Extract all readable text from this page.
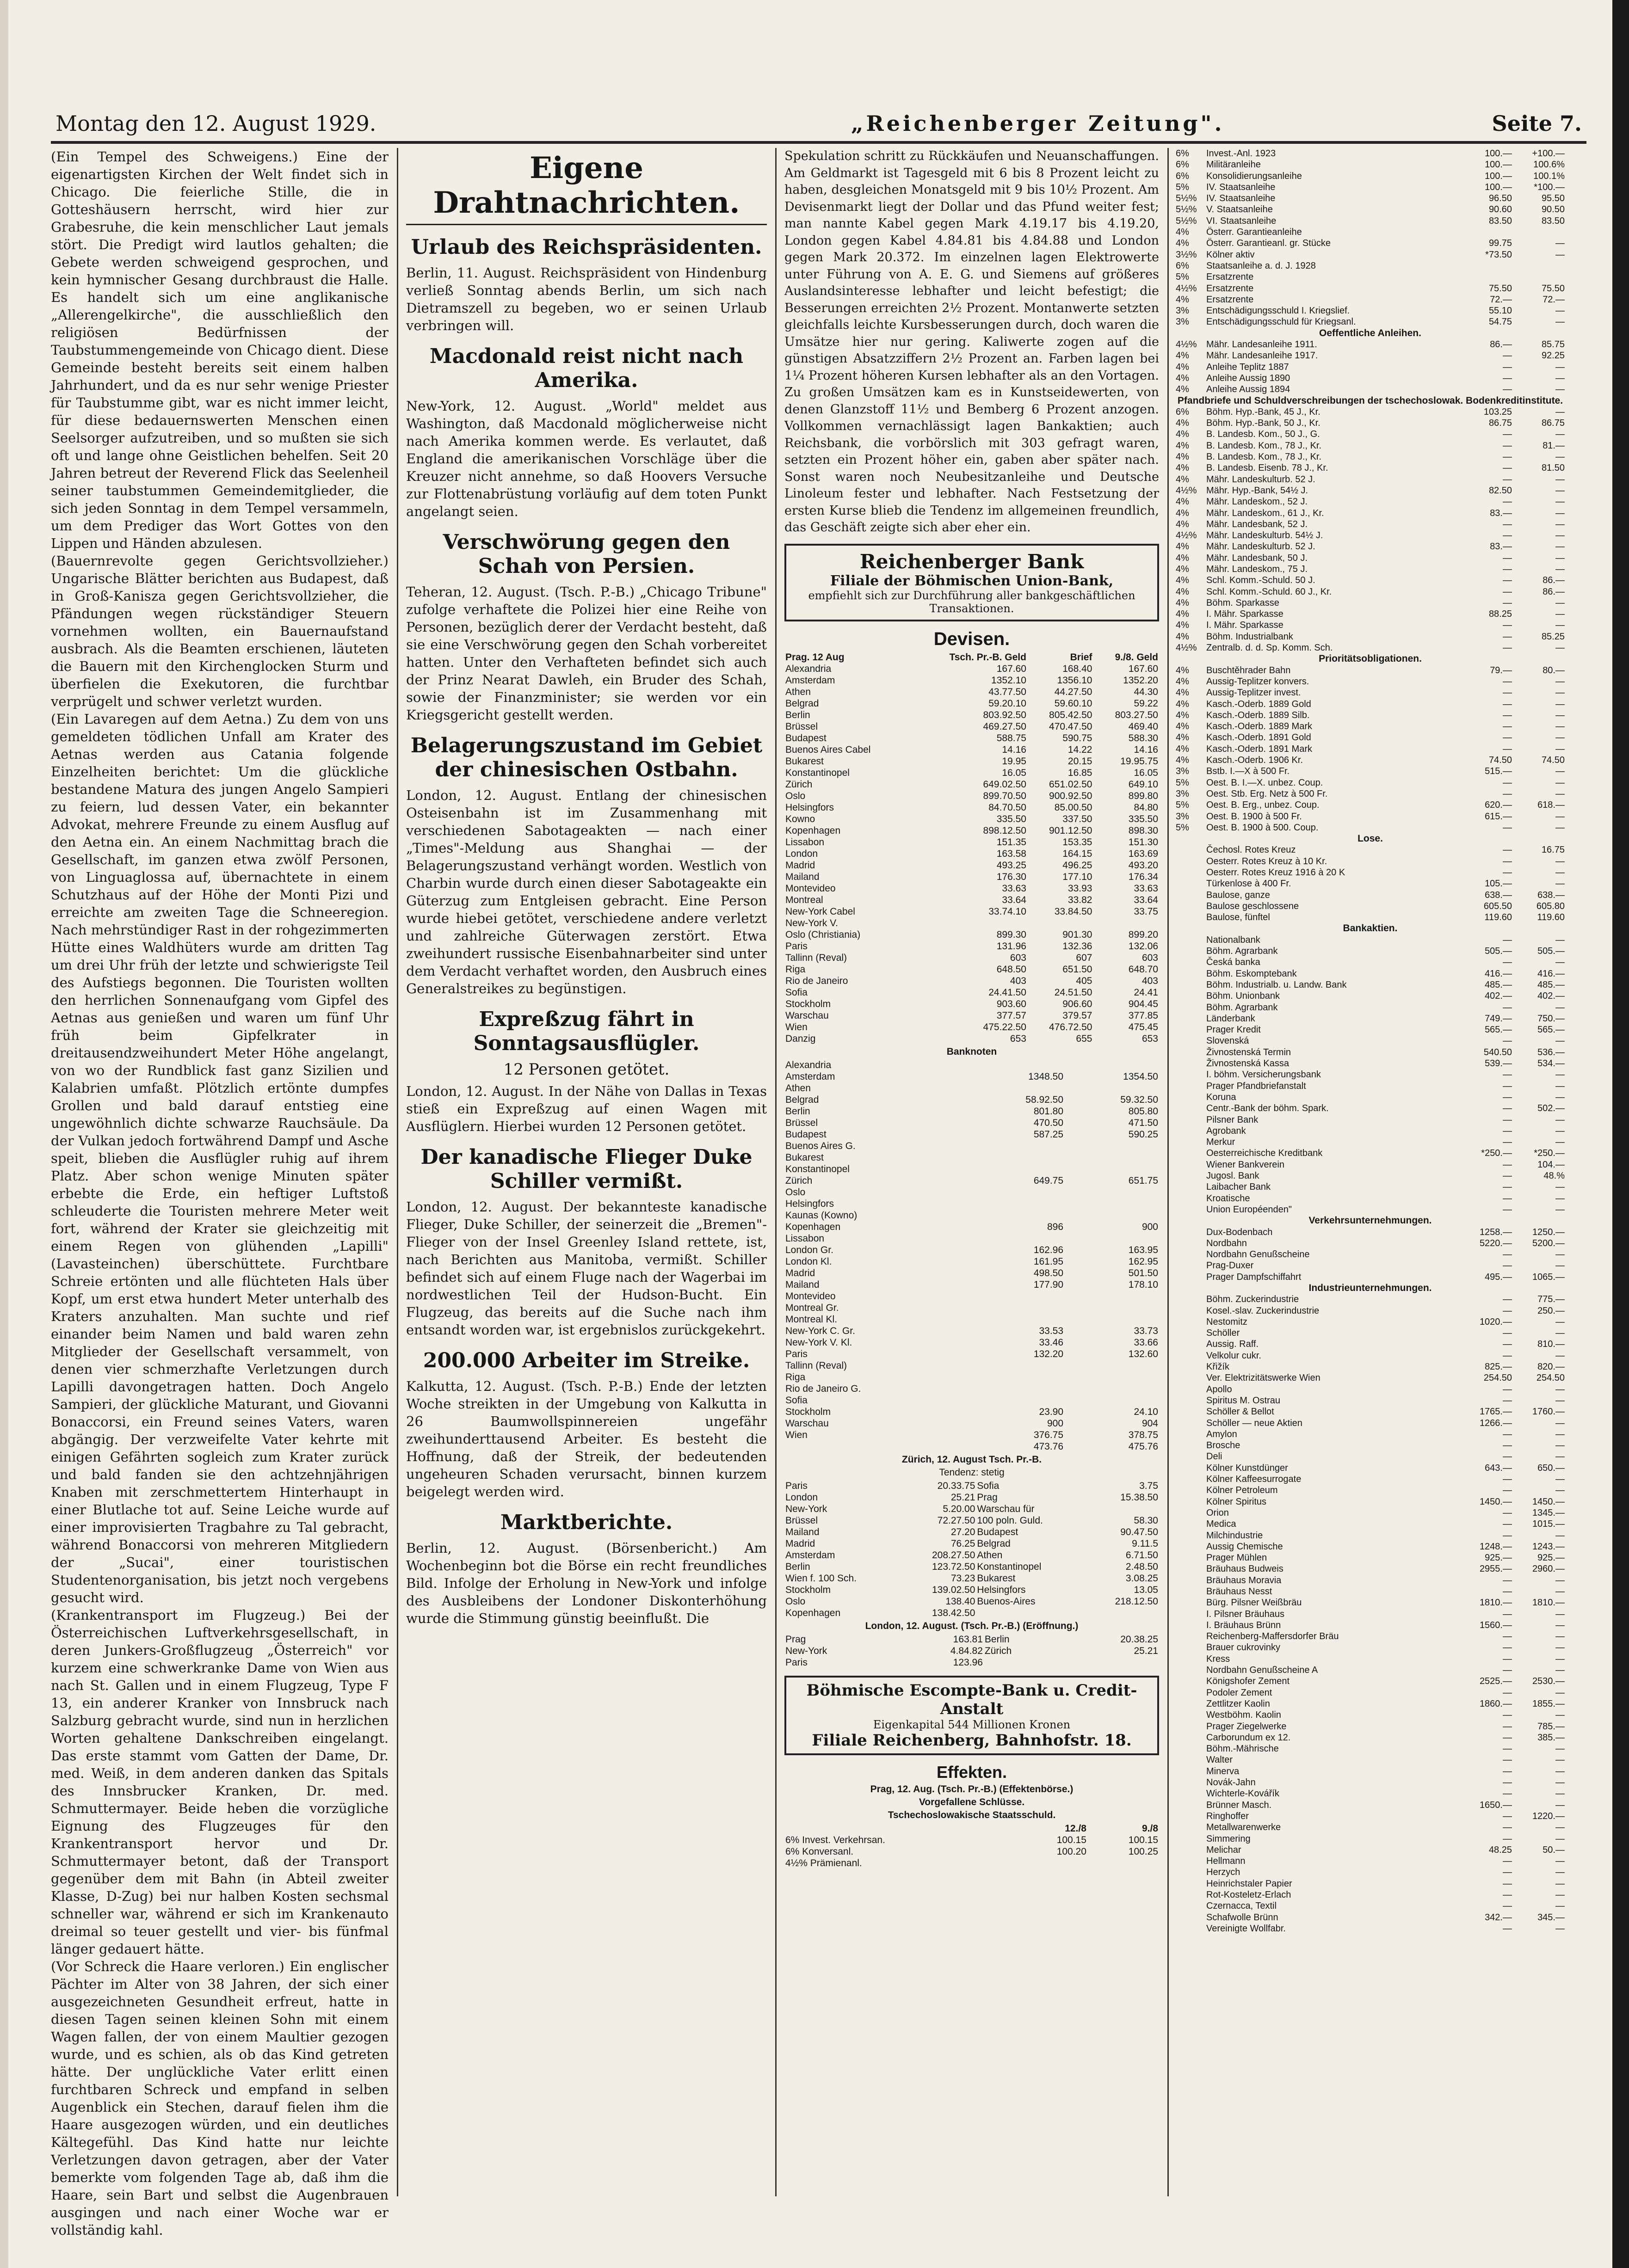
Montag den 12. August 1929.	„Reichenberger Zeitung".	Seite 7.

(Ein Tempel des Schweigens.) Eine der eigenartigsten Kirchen der Welt findet sich in Chicago. Die feierliche Stille, die in Gotteshäusern herrscht, wird hier zur Grabesruhe, die kein menschlicher Laut jemals stört. Die Predigt wird lautlos gehalten; die Gebete werden schweigend gesprochen, und kein hymnischer Gesang durchbraust die Halle. Es handelt sich um eine anglikanische „Allerengelkirche", die ausschließlich den religiösen Bedürfnissen der Taubstummengemeinde von Chicago dient. Diese Gemeinde besteht bereits seit einem halben Jahrhundert, und da es nur sehr wenige Priester für Taubstumme gibt, war es nicht immer leicht, für diese bedauernswerten Menschen einen Seelsorger aufzutreiben, und so mußten sie sich oft und lange ohne Geistlichen behelfen. Seit 20 Jahren betreut der Reverend Flick das Seelenheil seiner taubstummen Gemeindemitglieder, die sich jeden Sonntag in dem Tempel versammeln, um dem Prediger das Wort Gottes von den Lippen und Händen abzulesen.

(Bauernrevolte gegen Gerichtsvollzieher.) Ungarische Blätter berichten aus Budapest, daß in Groß-Kanisza gegen Gerichtsvollzieher, die Pfändungen wegen rückständiger Steuern vornehmen wollten, ein Bauernaufstand ausbrach. Als die Beamten erschienen, läuteten die Bauern mit den Kirchenglocken Sturm und überfielen die Exekutoren, die furchtbar verprügelt und schwer verletzt wurden.

(Ein Lavaregen auf dem Aetna.) Zu dem von uns gemeldeten tödlichen Unfall am Krater des Aetnas werden aus Catania folgende Einzelheiten berichtet: Um die glückliche bestandene Matura des jungen Angelo Sampieri zu feiern, lud dessen Vater, ein bekannter Advokat, mehrere Freunde zu einem Ausflug auf den Aetna ein. An einem Nachmittag brach die Gesellschaft, im ganzen etwa zwölf Personen, von Linguaglossa auf, übernachtete in einem Schutzhaus auf der Höhe der Monti Pizi und erreichte am zweiten Tage die Schneeregion. Nach mehrstündiger Rast in der rohgezimmerten Hütte eines Waldhüters wurde am dritten Tag um drei Uhr früh der letzte und schwierigste Teil des Aufstiegs begonnen. Die Touristen wollten den herrlichen Sonnenaufgang vom Gipfel des Aetnas aus genießen und waren um fünf Uhr früh beim Gipfelkrater in dreitausendzweihundert Meter Höhe angelangt, von wo der Rundblick fast ganz Sizilien und Kalabrien umfaßt. Plötzlich ertönte dumpfes Grollen und bald darauf entstieg eine ungewöhnlich dichte schwarze Rauchsäule. Da der Vulkan jedoch fortwährend Dampf und Asche speit, blieben die Ausflügler ruhig auf ihrem Platz. Aber schon wenige Minuten später erbebte die Erde, ein heftiger Luftstoß schleuderte die Touristen mehrere Meter weit fort, während der Krater sie gleichzeitig mit einem Regen von glühenden „Lapilli" (Lavasteinchen) überschüttete. Furchtbare Schreie ertönten und alle flüchteten Hals über Kopf, um erst etwa hundert Meter unterhalb des Kraters anzuhalten. Man suchte und rief einander beim Namen und bald waren zehn Mitglieder der Gesellschaft versammelt, von denen vier schmerzhafte Verletzungen durch Lapilli davongetragen hatten. Doch Angelo Sampieri, der glückliche Maturant, und Giovanni Bonaccorsi, ein Freund seines Vaters, waren abgängig. Der verzweifelte Vater kehrte mit einigen Gefährten sogleich zum Krater zurück und bald fanden sie den achtzehnjährigen Knaben mit zerschmettertem Hinterhaupt in einer Blutlache tot auf. Seine Leiche wurde auf einer improvisierten Tragbahre zu Tal gebracht, während Bonaccorsi von mehreren Mitgliedern der „Sucai", einer touristischen Studentenorganisation, bis jetzt noch vergebens gesucht wird.

(Krankentransport im Flugzeug.) Bei der Österreichischen Luftverkehrsgesellschaft, in deren Junkers-Großflugzeug „Österreich" vor kurzem eine schwerkranke Dame von Wien aus nach St. Gallen und in einem Flugzeug, Type F 13, ein anderer Kranker von Innsbruck nach Salzburg gebracht wurde, sind nun in herzlichen Worten gehaltene Dankschreiben eingelangt. Das erste stammt vom Gatten der Dame, Dr. med. Weiß, in dem anderen danken das Spitals des Innsbrucker Kranken, Dr. med. Schmuttermayer. Beide heben die vorzügliche Eignung des Flugzeuges für den Krankentransport hervor und Dr. Schmuttermayer betont, daß der Transport gegenüber dem mit Bahn (in Abteil zweiter Klasse, D-Zug) bei nur halben Kosten sechsmal schneller war, während er sich im Krankenauto dreimal so teuer gestellt und vier- bis fünfmal länger gedauert hätte.

(Vor Schreck die Haare verloren.) Ein englischer Pächter im Alter von 38 Jahren, der sich einer ausgezeichneten Gesundheit erfreut, hatte in diesen Tagen seinen kleinen Sohn mit einem Wagen fallen, der von einem Maultier gezogen wurde, und es schien, als ob das Kind getreten hätte. Der unglückliche Vater erlitt einen furchtbaren Schreck und empfand in selben Augenblick ein Stechen, darauf fielen ihm die Haare ausgezogen würden, und ein deutliches Kältegefühl. Das Kind hatte nur leichte Verletzungen davon getragen, aber der Vater bemerkte vom folgenden Tage ab, daß ihm die Haare, sein Bart und selbst die Augenbrauen ausgingen und nach einer Woche war er vollständig kahl.

Eigene Drahtnachrichten.
Urlaub des Reichspräsidenten.

Berlin, 11. August. Reichspräsident von Hindenburg verließ Sonntag abends Berlin, um sich nach Dietramszell zu begeben, wo er seinen Urlaub verbringen will.

Macdonald reist nicht nach Amerika.

New-York, 12. August. „World" meldet aus Washington, daß Macdonald möglicherweise nicht nach Amerika kommen werde. Es verlautet, daß England die amerikanischen Vorschläge über die Kreuzer nicht annehme, so daß Hoovers Versuche zur Flottenabrüstung vorläufig auf dem toten Punkt angelangt seien.

Verschwörung gegen den Schah von Persien.

Teheran, 12. August. (Tsch. P.-B.) „Chicago Tribune" zufolge verhaftete die Polizei hier eine Reihe von Personen, bezüglich derer der Verdacht besteht, daß sie eine Verschwörung gegen den Schah vorbereitet hatten. Unter den Verhafteten befindet sich auch der Prinz Nearat Dawleh, ein Bruder des Schah, sowie der Finanzminister; sie werden vor ein Kriegsgericht gestellt werden.

Belagerungszustand im Gebiet der chinesischen Ostbahn.

London, 12. August. Entlang der chinesischen Osteisenbahn ist im Zusammenhang mit verschiedenen Sabotageakten — nach einer „Times"-Meldung aus Shanghai — der Belagerungszustand verhängt worden. Westlich von Charbin wurde durch einen dieser Sabotageakte ein Güterzug zum Entgleisen gebracht. Eine Person wurde hiebei getötet, verschiedene andere verletzt und zahlreiche Güterwagen zerstört. Etwa zweihundert russische Eisenbahnarbeiter sind unter dem Verdacht verhaftet worden, den Ausbruch eines Generalstreikes zu begünstigen.

Expreßzug fährt in Sonntagsausflügler.
12 Personen getötet.

London, 12. August. In der Nähe von Dallas in Texas stieß ein Expreßzug auf einen Wagen mit Ausflüglern. Hierbei wurden 12 Personen getötet.

Der kanadische Flieger Duke Schiller vermißt.

London, 12. August. Der bekannteste kanadische Flieger, Duke Schiller, der seinerzeit die „Bremen"-Flieger von der Insel Greenley Island rettete, ist, nach Berichten aus Manitoba, vermißt. Schiller befindet sich auf einem Fluge nach der Wagerbai im nordwestlichen Teil der Hudson-Bucht. Ein Flugzeug, das bereits auf die Suche nach ihm entsandt worden war, ist ergebnislos zurückgekehrt.

200.000 Arbeiter im Streike.

Kalkutta, 12. August. (Tsch. P.-B.) Ende der letzten Woche streikten in der Umgebung von Kalkutta in 26 Baumwollspinnereien ungefähr zweihunderttausend Arbeiter. Es besteht die Hoffnung, daß der Streik, der bedeutenden ungeheuren Schaden verursacht, binnen kurzem beigelegt werden wird.

Marktberichte.

Berlin, 12. August. (Börsenbericht.) Am Wochenbeginn bot die Börse ein recht freundliches Bild. Infolge der Erholung in New-York und infolge des Ausbleibens der Londoner Diskonterhöhung wurde die Stimmung günstig beeinflußt. Die

Spekulation schritt zu Rückkäufen und Neuanschaffungen. Am Geldmarkt ist Tagesgeld mit 6 bis 8 Prozent leicht zu haben, desgleichen Monatsgeld mit 9 bis 10½ Prozent. Am Devisenmarkt liegt der Dollar und das Pfund weiter fest; man nannte Kabel gegen Mark 4.19.17 bis 4.19.20, London gegen Kabel 4.84.81 bis 4.84.88 und London gegen Mark 20.372. Im einzelnen lagen Elektrowerte unter Führung von A. E. G. und Siemens auf größeres Auslandsinteresse lebhafter und leicht befestigt; die Besserungen erreichten 2½ Prozent. Montanwerte setzten gleichfalls leichte Kursbesserungen durch, doch waren die Umsätze hier nur gering. Kaliwerte zogen auf die günstigen Absatzziffern 2½ Prozent an. Farben lagen bei 1¼ Prozent höheren Kursen lebhafter als an den Vortagen. Zu großen Umsätzen kam es in Kunstseidewerten, von denen Glanzstoff 11½ und Bemberg 6 Prozent anzogen. Vollkommen vernachlässigt lagen Bankaktien; auch Reichsbank, die vorbörslich mit 303 gefragt waren, setzten ein Prozent höher ein, gaben aber später nach. Sonst waren noch Neubesitzanleihe und Deutsche Linoleum fester und lebhafter. Nach Festsetzung der ersten Kurse blieb die Tendenz im allgemeinen freundlich, das Geschäft zeigte sich aber eher ein.

Reichenberger Bank
Filiale der Böhmischen Union-Bank,
empfiehlt sich zur Durchführung aller bankgeschäftlichen Transaktionen.
Devisen.
Prag. 12 Aug	Tsch. Pr.-B. Geld	Brief	9./8. Geld
Alexandria	167.60	168.40	167.60
Amsterdam	1352.10	1356.10	1352.20
Athen	43.77.50	44.27.50	44.30
Belgrad	59.20.10	59.60.10	59.22
Berlin	803.92.50	805.42.50	803.27.50
Brüssel	469.27.50	470.47.50	469.40
Budapest	588.75	590.75	588.30
Buenos Aires Cabel	14.16	14.22	14.16
Bukarest	19.95	20.15	19.95.75
Konstantinopel	16.05	16.85	16.05
Zürich	649.02.50	651.02.50	649.10
Oslo	899.70.50	900.92.50	899.80
Helsingfors	84.70.50	85.00.50	84.80
Kowno	335.50	337.50	335.50
Kopenhagen	898.12.50	901.12.50	898.30
Lissabon	151.35	153.35	151.30
London	163.58	164.15	163.69
Madrid	493.25	496.25	493.20
Mailand	176.30	177.10	176.34
Montevideo	33.63	33.93	33.63
Montreal	33.64	33.82	33.64
New-York Cabel	33.74.10	33.84.50	33.75
New-York V.			
Oslo (Christiania)	899.30	901.30	899.20
Paris	131.96	132.36	132.06
Tallinn (Reval)	603	607	603
Riga	648.50	651.50	648.70
Rio de Janeiro	403	405	403
Sofia	24.41.50	24.51.50	24.41
Stockholm	903.60	906.60	904.45
Warschau	377.57	379.57	377.85
Wien	475.22.50	476.72.50	475.45
Danzig	653	655	653
Banknoten
Alexandria		
Amsterdam	1348.50	1354.50
Athen		
Belgrad	58.92.50	59.32.50
Berlin	801.80	805.80
Brüssel	470.50	471.50
Budapest	587.25	590.25
Buenos Aires G.		
Bukarest		
Konstantinopel		
Zürich	649.75	651.75
Oslo		
Helsingfors		
Kaunas (Kowno)		
Kopenhagen	896	900
Lissabon		
London Gr.	162.96	163.95
London Kl.	161.95	162.95
Madrid	498.50	501.50
Mailand	177.90	178.10
Montevideo		
Montreal Gr.		
Montreal Kl.		
New-York C. Gr.	33.53	33.73
New-York V. Kl.	33.46	33.66
Paris	132.20	132.60
Tallinn (Reval)		
Riga		
Rio de Janeiro G.		
Sofia		
Stockholm	23.90	24.10
Warschau	900	904
Wien	376.75	378.75
	473.76	475.76
Zürich, 12. August Tsch. Pr.-B.
Tendenz: stetig
Paris	20.33.75	Sofia	3.75
London	25.21	Prag	15.38.50
New-York	5.20.00	Warschau für	
Brüssel	72.27.50	100 poln. Guld.	58.30
Mailand	27.20	Budapest	90.47.50
Madrid	76.25	Belgrad	9.11.5
Amsterdam	208.27.50	Athen	6.71.50
Berlin	123.72.50	Konstantinopel	2.48.50
Wien f. 100 Sch.	73.23	Bukarest	3.08.25
Stockholm	139.02.50	Helsingfors	13.05
Oslo	138.40	Buenos-Aires	218.12.50
Kopenhagen	138.42.50		
London, 12. August. (Tsch. Pr.-B.) (Eröffnung.)
Prag	163.81	Berlin	20.38.25
New-York	4.84.82	Zürich	25.21
Paris	123.96		
Böhmische Escompte-Bank u. Credit-Anstalt
Eigenkapital 544 Millionen Kronen
Filiale Reichenberg, Bahnhofstr. 18.
Effekten.
Prag, 12. Aug. (Tsch. Pr.-B.) (Effektenbörse.)
Vorgefallene Schlüsse.
Tschechoslowakische Staatsschuld.
	12./8	9./8
6% Invest. Verkehrsan.	100.15	100.15
6% Konversanl.	100.20	100.25
4½% Prämienanl.		
6%	Invest.-Anl. 1923	100.—	+100.—
6%	Militäranleihe	100.—	100.6%
6%	Konsolidierungsanleihe	100.—	100.1%
5%	IV. Staatsanleihe	100.—	*100.—
5½%	IV. Staatsanleihe	96.50	95.50
5½%	V. Staatsanleihe	90.60	90.50
5½%	VI. Staatsanleihe	83.50	83.50
4%	Österr. Garantieanleihe		
4%	Österr. Garantieanl. gr. Stücke	99.75	—
3½%	Kölner aktiv	*73.50	—
6%	Staatsanleihe a. d. J. 1928		
5%	Ersatzrente		
4½%	Ersatzrente	75.50	75.50
4%	Ersatzrente	72.—	72.—
3%	Entschädigungsschuld I. Kriegslief.	55.10	—
3%	Entschädigungsschuld für Kriegsanl.	54.75	—
Oeffentliche Anleihen.			
4½%	Mähr. Landesanleihe 1911.	86.—	85.75
4%	Mähr. Landesanleihe 1917.	—	92.25
4%	Anleihe Teplitz 1887	—	—
4%	Anleihe Aussig 1890	—	—
4%	Anleihe Aussig 1894	—	—
Pfandbriefe und Schuldverschreibungen der tschechoslowak. Bodenkreditinstitute.			
6%	Böhm. Hyp.-Bank, 45 J., Kr.	103.25	—
4%	Böhm. Hyp.-Bank, 50 J., Kr.	86.75	86.75
4%	B. Landesb. Kom., 50 J., G.	—	—
4%	B. Landesb. Kom., 78 J., Kr.	—	81.—
4%	B. Landesb. Kom., 78 J., Kr.	—	—
4%	B. Landesb. Eisenb. 78 J., Kr.	—	81.50
4%	Mähr. Landeskulturb. 52 J.	—	—
4½%	Mähr. Hyp.-Bank, 54½ J.	82.50	—
4%	Mähr. Landeskom., 52 J.	—	—
4%	Mähr. Landeskom., 61 J., Kr.	83.—	—
4%	Mähr. Landesbank, 52 J.	—	—
4½%	Mähr. Landeskulturb. 54½ J.	—	—
4%	Mähr. Landeskulturb. 52 J.	83.—	—
4%	Mähr. Landesbank, 50 J.	—	—
4%	Mähr. Landeskom., 75 J.	—	—
4%	Schl. Komm.-Schuld. 50 J.	—	86.—
4%	Schl. Komm.-Schuld. 60 J., Kr.	—	86.—
4%	Böhm. Sparkasse	—	—
4%	I. Mähr. Sparkasse	88.25	—
4%	I. Mähr. Sparkasse	—	—
4%	Böhm. Industrialbank	—	85.25
4½%	Zentralb. d. d. Sp. Komm. Sch.	—	—
Prioritätsobligationen.			
4%	Buschtěhrader Bahn	79.—	80.—
4%	Aussig-Teplitzer konvers.	—	—
4%	Aussig-Teplitzer invest.	—	—
4%	Kasch.-Oderb. 1889 Gold	—	—
4%	Kasch.-Oderb. 1889 Silb.	—	—
4%	Kasch.-Oderb. 1889 Mark	—	—
4%	Kasch.-Oderb. 1891 Gold	—	—
4%	Kasch.-Oderb. 1891 Mark	—	—
4%	Kasch.-Oderb. 1906 Kr.	74.50	74.50
3%	Bstb. I.—X à 500 Fr.	515.—	—
5%	Oest. B. I.—X. unbez. Coup.	—	—
3%	Oest. Stb. Erg. Netz à 500 Fr.	—	—
5%	Oest. B. Erg., unbez. Coup.	620.—	618.—
3%	Oest. B. 1900 à 500 Fr.	615.—	—
5%	Oest. B. 1900 à 500. Coup.	—	—
Lose.			
	Čechosl. Rotes Kreuz	—	16.75
	Oesterr. Rotes Kreuz à 10 Kr.	—	—
	Oesterr. Rotes Kreuz 1916 à 20 K	—	—
	Türkenlose à 400 Fr.	105.—	—
	Baulose, ganze	638.—	638.—
	Baulose geschlossene	605.50	605.80
	Baulose, fünftel	119.60	119.60
Bankaktien.			
	Nationalbank	—	—
	Böhm. Agrarbank	505.—	505.—
	Česká banka	—	—
	Böhm. Eskomptebank	416.—	416.—
	Böhm. Industrialb. u. Landw. Bank	485.—	485.—
	Böhm. Unionbank	402.—	402.—
	Böhm. Agrarbank	—	—
	Länderbank	749.—	750.—
	Prager Kredit	565.—	565.—
	Slovenská	—	—
	Živnostenská Termin	540.50	536.—
	Živnostenská Kassa	539.—	534.—
	I. böhm. Versicherungsbank	—	—
	Prager Pfandbriefanstalt	—	—
	Koruna	—	—
	Centr.-Bank der böhm. Spark.	—	502.—
	Pilsner Bank	—	—
	Agrobank	—	—
	Merkur	—	—
	Oesterreichische Kreditbank	*250.—	*250.—
	Wiener Bankverein	—	104.—
	Jugosl. Bank	—	48.%
	Laibacher Bank	—	—
	Kroatische	—	—
	Union Européenden"	—	—
Verkehrsunternehmungen.			
	Dux-Bodenbach	1258.—	1250.—
	Nordbahn	5220.—	5200.—
	Nordbahn Genußscheine	—	—
	Prag-Duxer	—	—
	Prager Dampfschiffahrt	495.—	1065.—
Industrieunternehmungen.			
	Böhm. Zuckerindustrie	—	775.—
	Kosel.-slav. Zuckerindustrie	—	250.—
	Nestomitz	1020.—	—
	Schöller	—	—
	Aussig. Raff.	—	810.—
	Velkolur cukr.	—	—
	Křižík	825.—	820.—
	Ver. Elektrizitätswerke Wien	254.50	254.50
	Apollo	—	—
	Spiritus M. Ostrau	—	—
	Schöller & Bellot	1765.—	1760.—
	Schöller — neue Aktien	1266.—	—
	Amylon	—	—
	Brosche	—	—
	Deli	—	—
	Kölner Kunstdünger	643.—	650.—
	Kölner Kaffeesurrogate	—	—
	Kölner Petroleum	—	—
	Kölner Spiritus	1450.—	1450.—
	Orion	—	1345.—
	Medica	—	1015.—
	Milchindustrie	—	—
	Aussig Chemische	1248.—	1243.—
	Prager Mühlen	925.—	925.—
	Bräuhaus Budweis	2955.—	2960.—
	Bräuhaus Moravia	—	—
	Bräuhaus Nesst	—	—
	Bürg. Pilsner Weißbräu	1810.—	1810.—
	I. Pilsner Bräuhaus	—	—
	I. Bräuhaus Brünn	1560.—	—
	Reichenberg-Maffersdorfer Bräu	—	—
	Brauer cukrovinky	—	—
	Kress	—	—
	Nordbahn Genußscheine A	—	—
	Königshofer Zement	2525.—	2530.—
	Podoler Zement	—	—
	Zettlitzer Kaolin	1860.—	1855.—
	Westböhm. Kaolin	—	—
	Prager Ziegelwerke	—	785.—
	Carborundum ex 12.	—	385.—
	Böhm.-Mährische	—	—
	Walter	—	—
	Minerva	—	—
	Novák-Jahn	—	—
	Wichterle-Kovářík	—	—
	Brünner Masch.	1650.—	—
	Ringhoffer	—	1220.—
	Metallwarenwerke	—	—
	Simmering	—	—
	Melichar	48.25	50.—
	Hellmann	—	—
	Herzych	—	—
	Heinrichstaler Papier	—	—
	Rot-Kosteletz-Erlach	—	—
	Czernacca, Textil	—	—
	Schafwolle Brünn	342.—	345.—
	Vereinigte Wollfabr.	—	—
